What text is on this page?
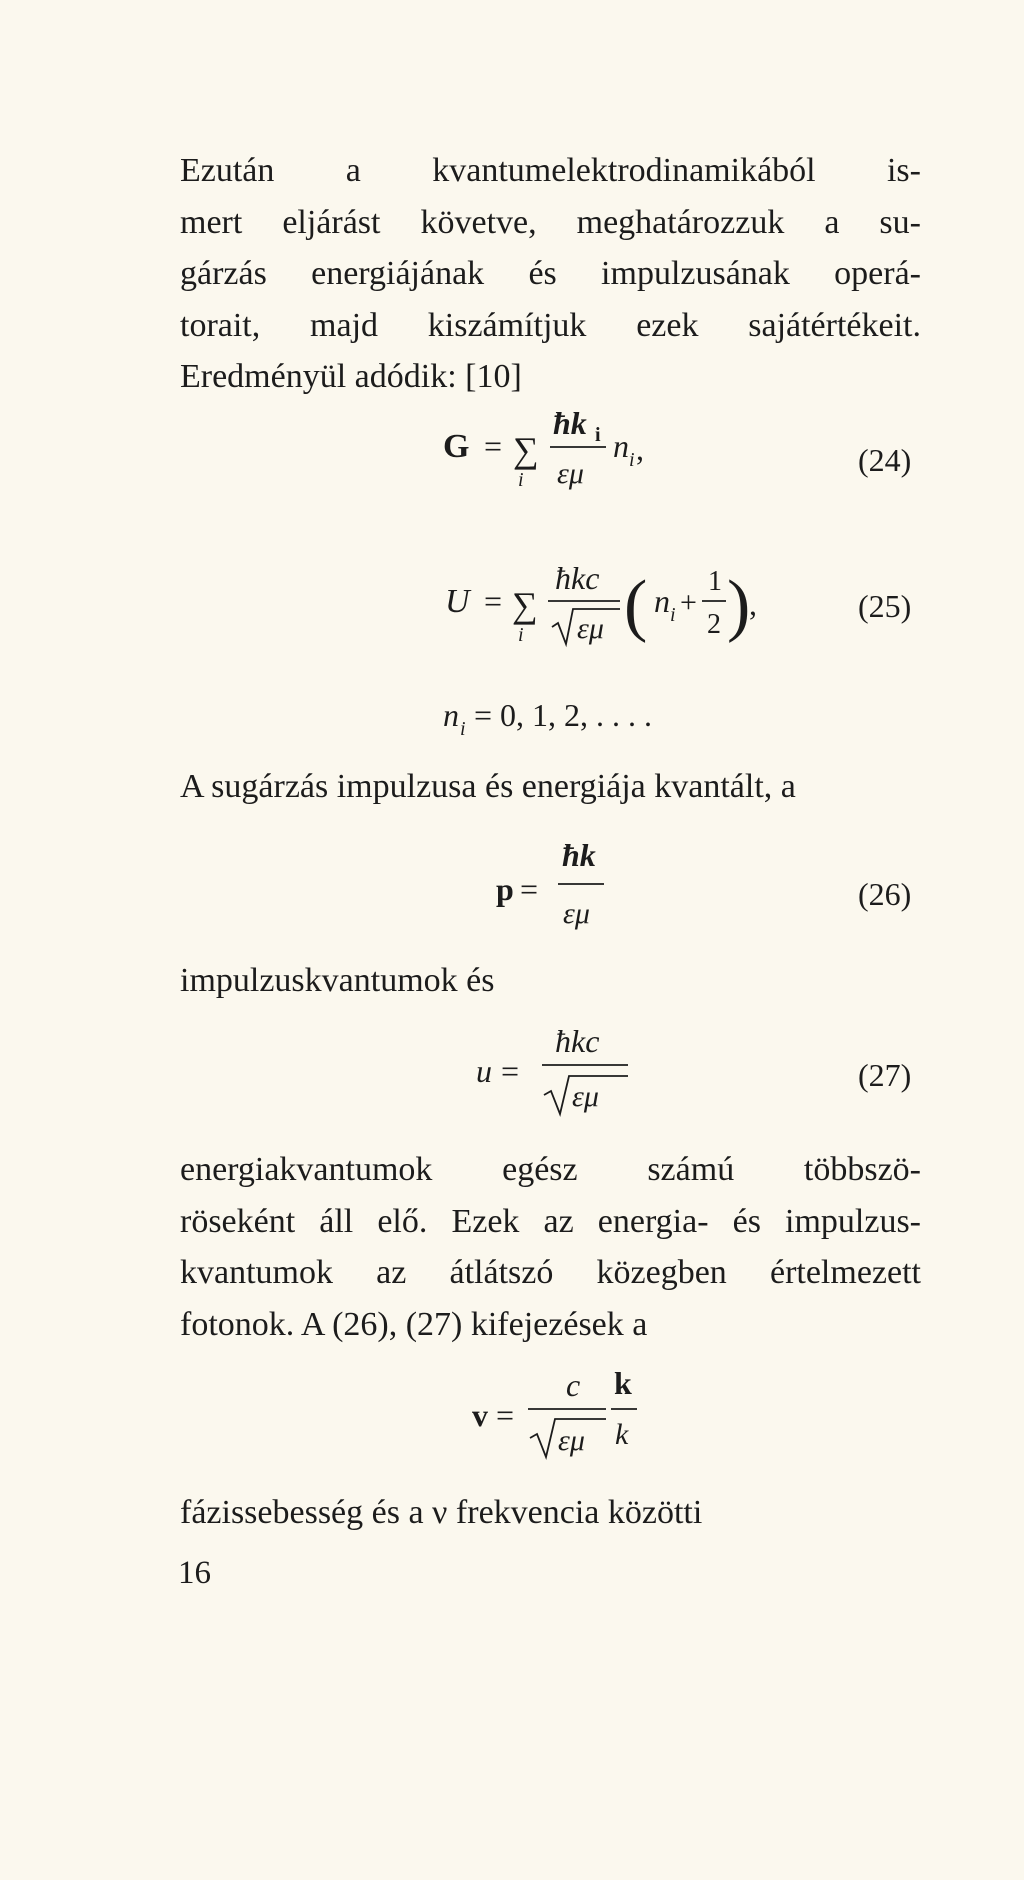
Ezután a kvantumelektrodinamikából is-
mert eljárást követve, meghatározzuk a su-
gárzás energiájának és impulzusának operá-
torait, majd kiszámítjuk ezek sajátértékeit.
Eredményül adódik: [10]
G = ∑
i
ħk i
εμ
n i ,
U = ∑
i
ħkc
εμ ( n i +
1
2 )
,
n i = 0, 1, 2, . . . .
p =
ħk
εμ
u =
ħkc
εμ
v =
c
εμ
k
k
(24)
(25)
(26)
(27)
A sugárzás impulzusa és energiája kvantált, a
impulzuskvantumok és
energiakvantumok egész számú többszö-
röseként áll elő. Ezek az energia- és impulzus-
kvantumok az átlátszó közegben értelmezett
fotonok. A (26), (27) kifejezések a
fázissebesség és a ν frekvencia közötti
16
